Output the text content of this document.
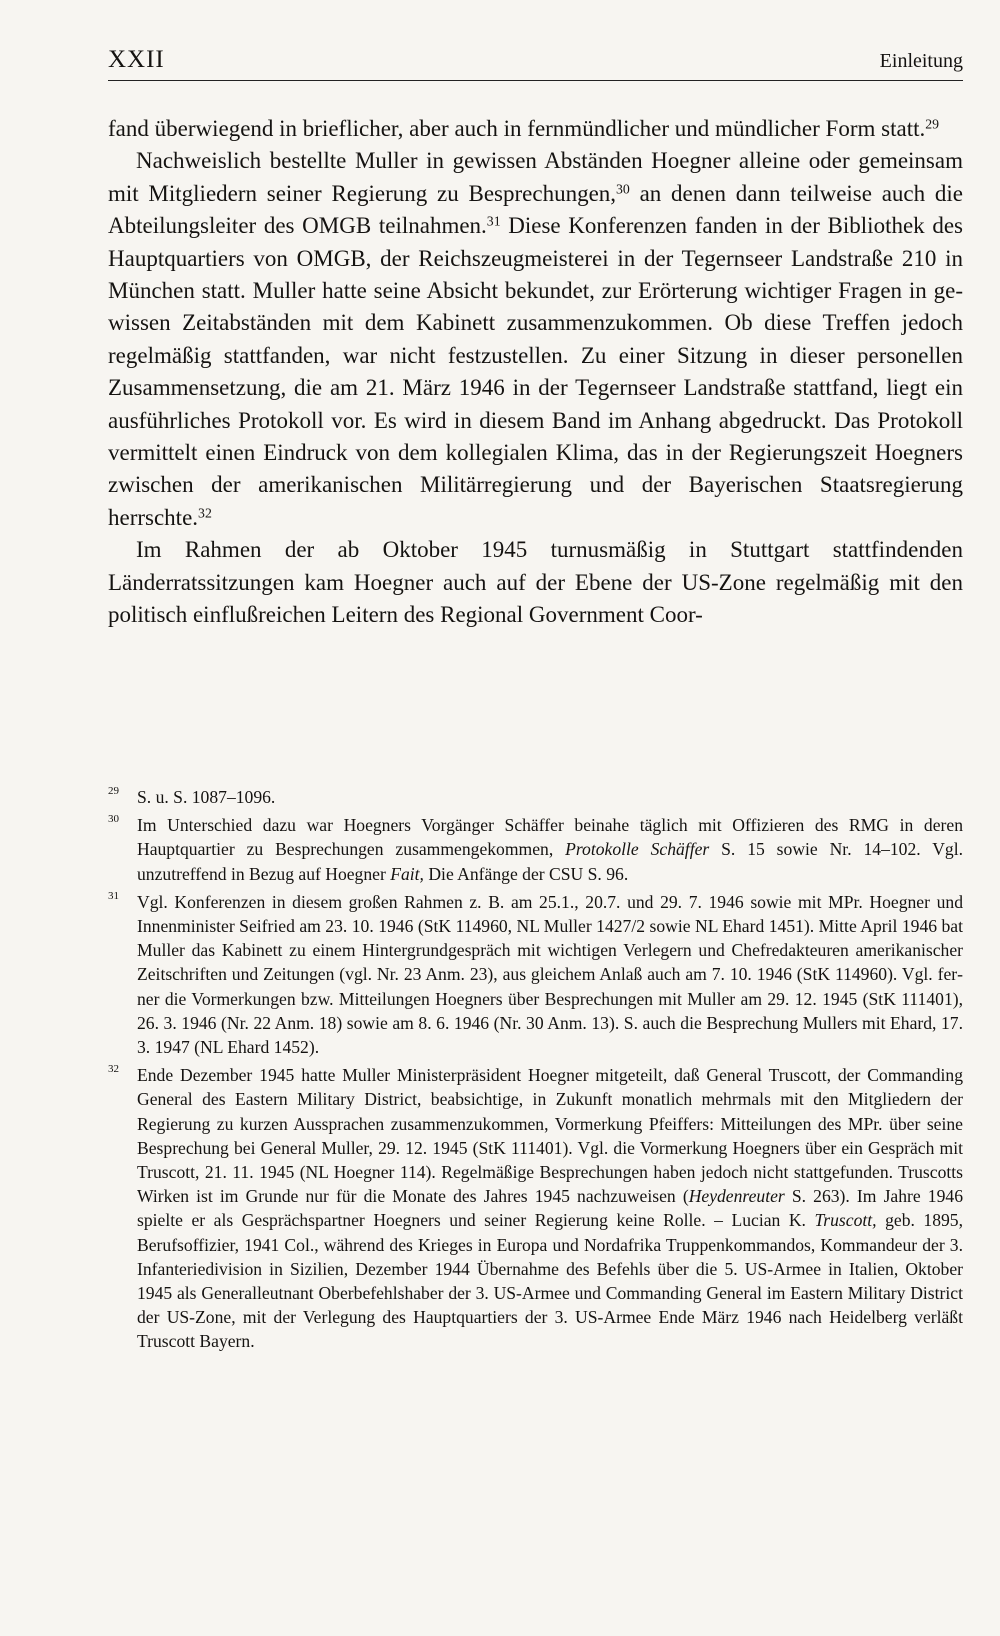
XXII	Einleitung

fand überwiegend in brieflicher, aber auch in fernmündlicher und mündlicher Form statt.$^{29}$

Nachweislich bestellte Muller in gewissen Abständen Hoegner alleine oder gemeinsam mit Mitgliedern seiner Regierung zu Besprechungen,$^{30}$ an denen dann teilweise auch die Abteilungsleiter des OMGB teilnahmen.$^{31}$ Diese Konferenzen fanden in der Bibliothek des Hauptquartiers von OMGB, der Reichszeugmeisterei in der Tegernseer Landstraße 210 in München statt. Muller hatte seine Absicht bekundet, zur Erörterung wichtiger Fragen in gewissen Zeitabständen mit dem Kabinett zusammenzukommen. Ob diese Treffen jedoch regelmäßig stattfanden, war nicht festzustellen. Zu einer Sitzung in dieser personellen Zusammensetzung, die am 21. März 1946 in der Tegernseer Landstraße stattfand, liegt ein ausführliches Protokoll vor. Es wird in diesem Band im Anhang abgedruckt. Das Protokoll vermittelt einen Eindruck von dem kollegialen Klima, das in der Regierungszeit Hoegners zwischen der amerikanischen Militärregierung und der Bayerischen Staatsregierung herrschte.$^{32}$

Im Rahmen der ab Oktober 1945 turnusmäßig in Stuttgart stattfindenden Länderratssitzungen kam Hoegner auch auf der Ebene der US-Zone regelmäßig mit den politisch einflußreichen Leitern des Regional Government Coor-

29 S. u. S. 1087–1096.
30 Im Unterschied dazu war Hoegners Vorgänger Schäffer beinahe täglich mit Offizieren des RMG in deren Hauptquartier zu Besprechungen zusammengekommen, Protokolle Schäffer S. 15 sowie Nr. 14–102. Vgl. unzutreffend in Bezug auf Hoegner Fait, Die Anfänge der CSU S. 96.
31 Vgl. Konferenzen in diesem großen Rahmen z. B. am 25.1., 20.7. und 29. 7. 1946 sowie mit MPr. Hoegner und Innenminister Seifried am 23. 10. 1946 (StK 114960, NL Muller 1427/2 sowie NL Ehard 1451). Mitte April 1946 bat Muller das Kabinett zu einem Hintergrundgespräch mit wichtigen Verlegern und Chefredakteuren amerikanischer Zeitschriften und Zeitungen (vgl. Nr. 23 Anm. 23), aus gleichem Anlaß auch am 7. 10. 1946 (StK 114960). Vgl. ferner die Vormerkungen bzw. Mitteilungen Hoegners über Besprechungen mit Muller am 29. 12. 1945 (StK 111401), 26. 3. 1946 (Nr. 22 Anm. 18) sowie am 8. 6. 1946 (Nr. 30 Anm. 13). S. auch die Besprechung Mullers mit Ehard, 17. 3. 1947 (NL Ehard 1452).
32 Ende Dezember 1945 hatte Muller Ministerpräsident Hoegner mitgeteilt, daß General Truscott, der Commanding General des Eastern Military District, beabsichtige, in Zukunft monatlich mehrmals mit den Mitgliedern der Regierung zu kurzen Aussprachen zusammenzukommen, Vormerkung Pfeiffers: Mitteilungen des MPr. über seine Besprechung bei General Muller, 29. 12. 1945 (StK 111401). Vgl. die Vormerkung Hoegners über ein Gespräch mit Truscott, 21. 11. 1945 (NL Hoegner 114). Regelmäßige Besprechungen haben jedoch nicht stattgefunden. Truscotts Wirken ist im Grunde nur für die Monate des Jahres 1945 nachzuweisen (Heydenreuter S. 263). Im Jahre 1946 spielte er als Gesprächspartner Hoegners und seiner Regierung keine Rolle. – Lucian K. Truscott, geb. 1895, Berufsoffizier, 1941 Col., während des Krieges in Europa und Nordafrika Truppenkommandos, Kommandeur der 3. Infanteriedivision in Sizilien, Dezember 1944 Übernahme des Befehls über die 5. US-Armee in Italien, Oktober 1945 als Generalleutnant Oberbefehlshaber der 3. US-Armee und Commanding General im Eastern Military District der US-Zone, mit der Verlegung des Hauptquartiers der 3. US-Armee Ende März 1946 nach Heidelberg verläßt Truscott Bayern.
